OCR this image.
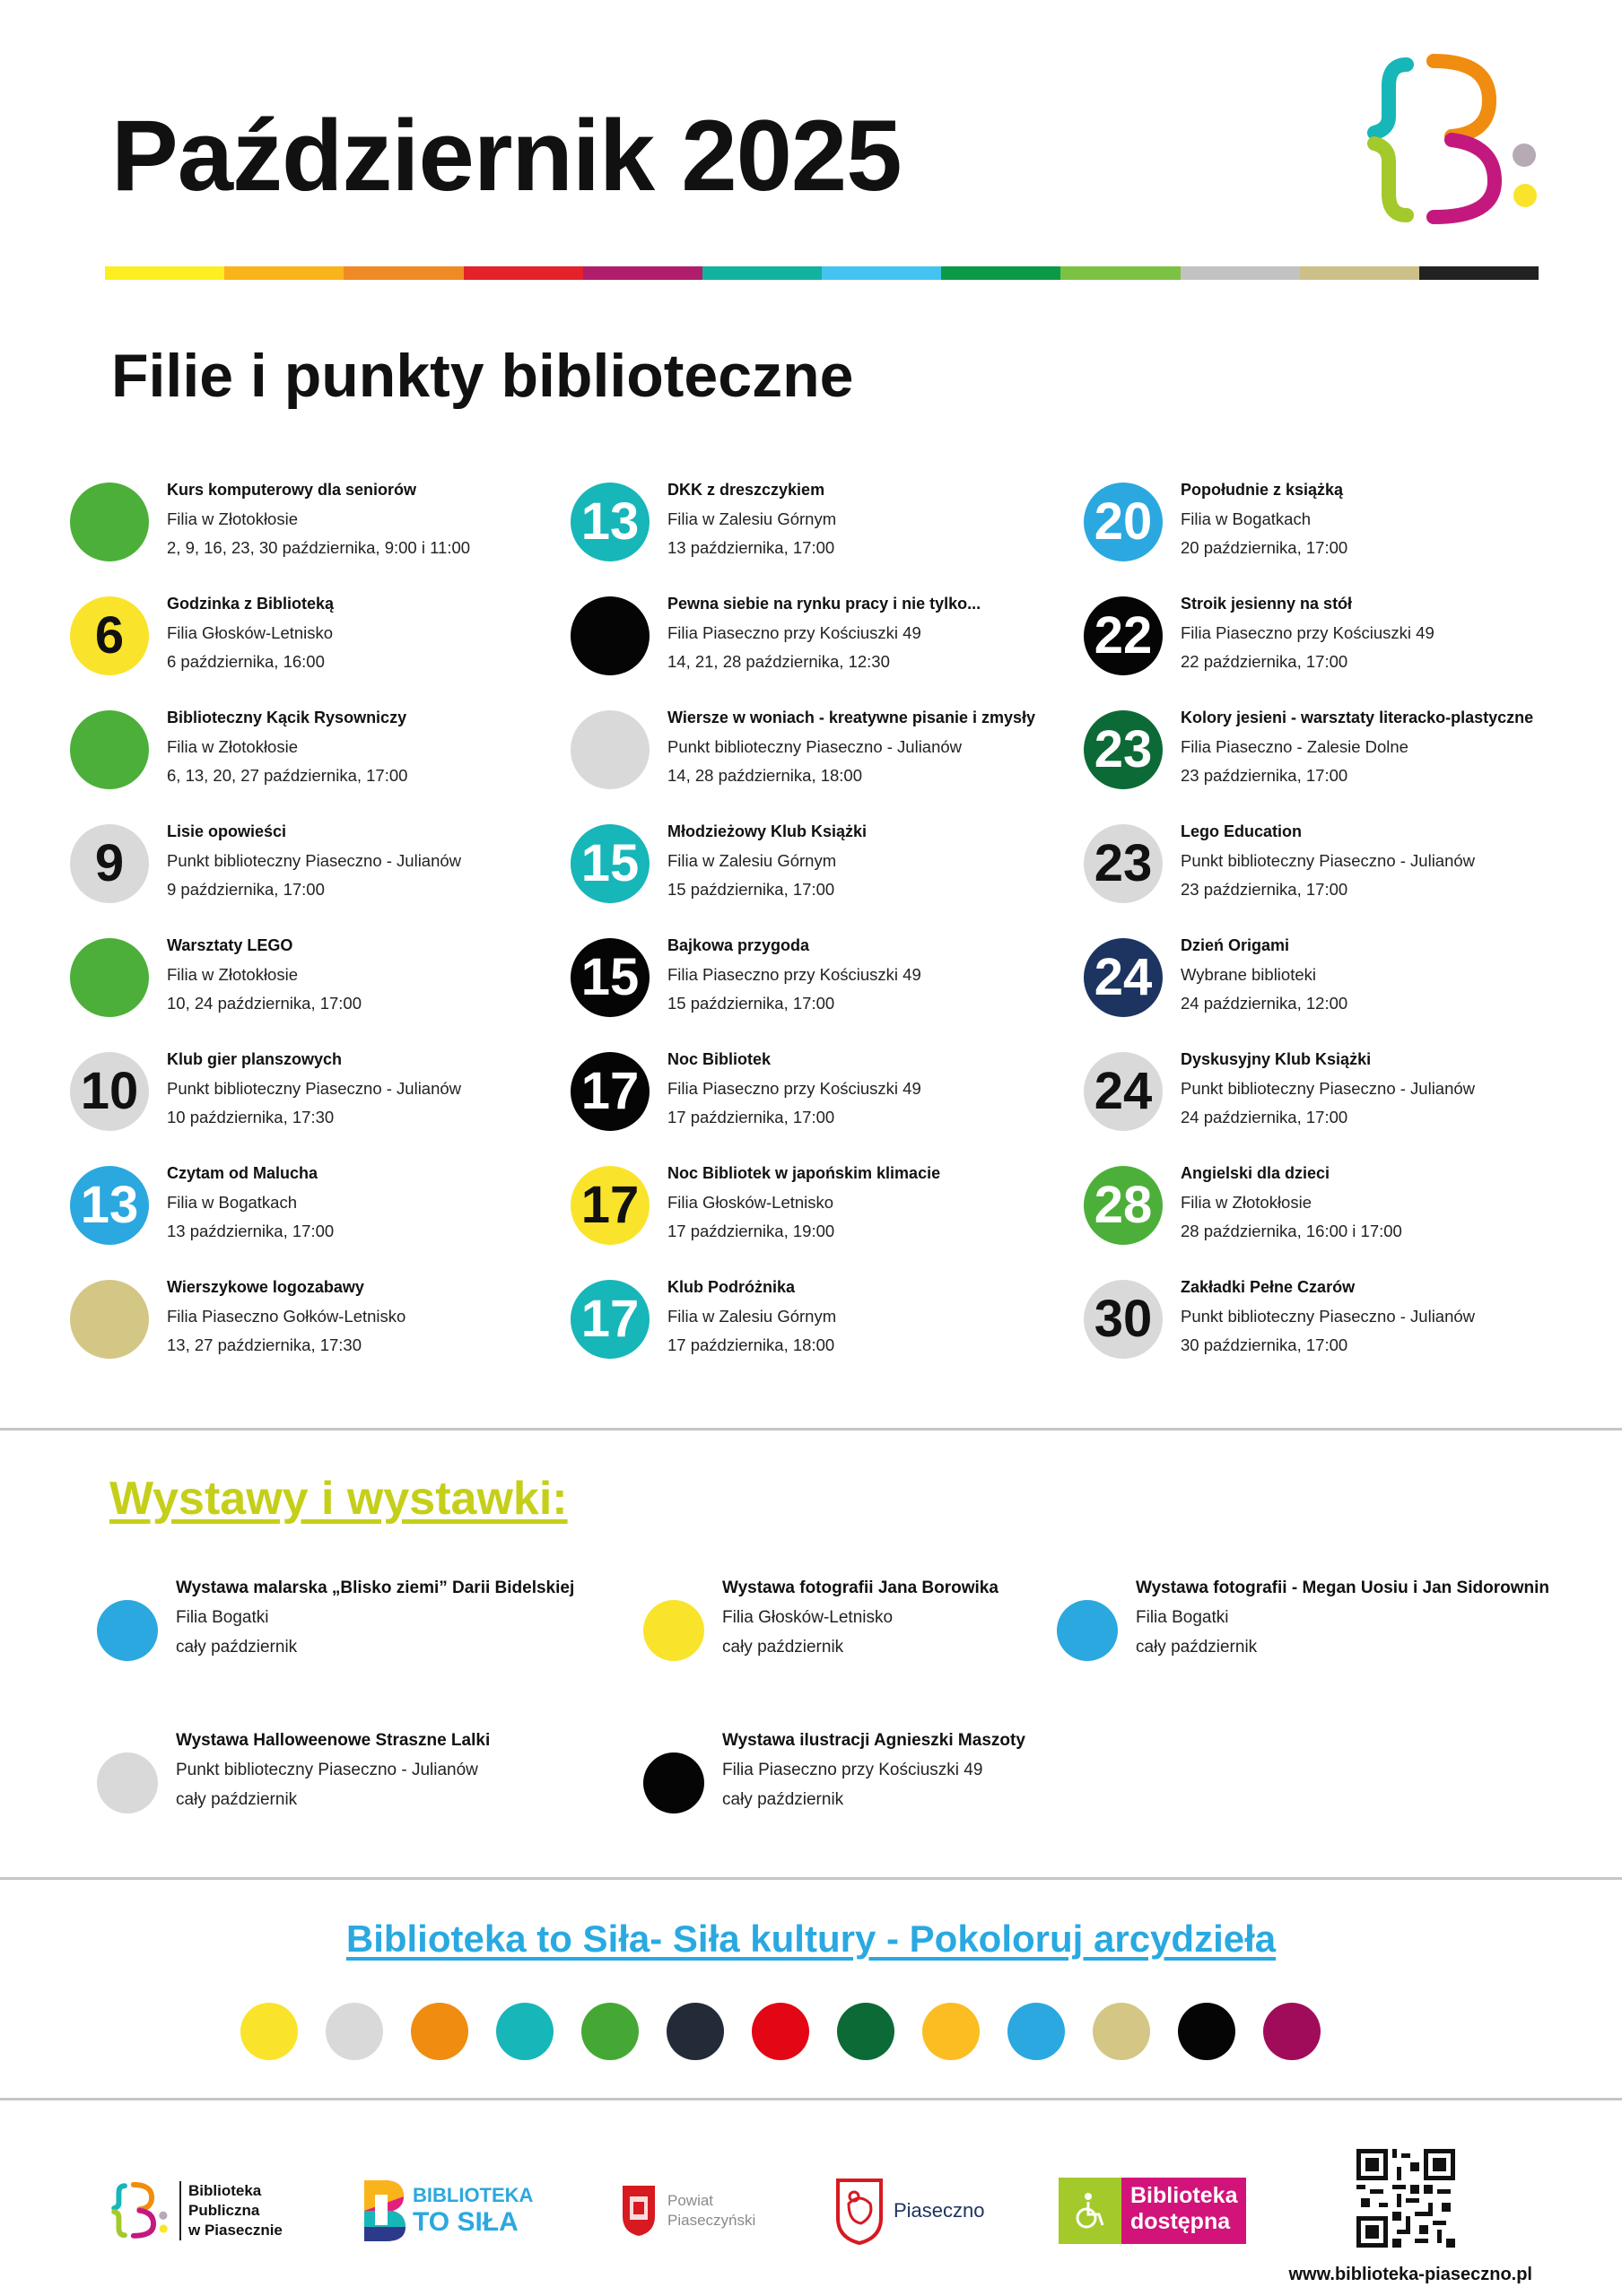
Październik 2025
Filie i punkty biblioteczne
Kurs komputerowy dla seniorów
Filia w Złotokłosie
2, 9, 16, 23, 30 października, 9:00 i 11:00
6
Godzinka z Biblioteką
Filia Głosków-Letnisko
6 października, 16:00
Biblioteczny Kącik Rysowniczy
Filia w Złotokłosie
6, 13, 20, 27 października, 17:00
9
Lisie opowieści
Punkt biblioteczny Piaseczno - Julianów
9 października, 17:00
Warsztaty LEGO
Filia w Złotokłosie
10, 24 października, 17:00
10
Klub gier planszowych
Punkt biblioteczny Piaseczno - Julianów
10 października, 17:30
13
Czytam od Malucha
Filia w Bogatkach
13 października, 17:00
Wierszykowe logozabawy
Filia Piaseczno Gołków-Letnisko
13, 27 października, 17:30
13
DKK z dreszczykiem
Filia w Zalesiu Górnym
13 października, 17:00
Pewna siebie na rynku pracy i nie tylko...
Filia Piaseczno przy Kościuszki 49
14, 21, 28 października, 12:30
Wiersze w woniach - kreatywne pisanie i zmysły
Punkt biblioteczny Piaseczno - Julianów
14, 28 października, 18:00
15
Młodzieżowy Klub Książki
Filia w Zalesiu Górnym
15 października, 17:00
15
Bajkowa przygoda
Filia Piaseczno przy Kościuszki 49
15 października, 17:00
17
Noc Bibliotek
Filia Piaseczno przy Kościuszki 49
17 października, 17:00
17
Noc Bibliotek w japońskim klimacie
Filia Głosków-Letnisko
17 października, 19:00
17
Klub Podróżnika
Filia w Zalesiu Górnym
17 października, 18:00
20
Popołudnie z książką
Filia w Bogatkach
20 października, 17:00
22
Stroik jesienny na stół
Filia Piaseczno przy Kościuszki 49
22 października, 17:00
23
Kolory jesieni - warsztaty literacko-plastyczne
Filia Piaseczno - Zalesie Dolne
23 października, 17:00
23
Lego Education
Punkt biblioteczny Piaseczno - Julianów
23 października, 17:00
24
Dzień Origami
Wybrane biblioteki
24 października, 12:00
24
Dyskusyjny Klub Książki
Punkt biblioteczny Piaseczno - Julianów
24 października, 17:00
28
Angielski dla dzieci
Filia w Złotokłosie
28 października, 16:00 i 17:00
30
Zakładki Pełne Czarów
Punkt biblioteczny Piaseczno - Julianów
30 października, 17:00
Wystawy i wystawki:
Wystawa malarska „Blisko ziemi” Darii Bidelskiej
Filia Bogatki
cały październik
Wystawa fotografii Jana Borowika
Filia Głosków-Letnisko
cały październik
Wystawa fotografii - Megan Uosiu i Jan Sidorownin
Filia Bogatki
cały październik
Wystawa Halloweenowe Straszne Lalki
Punkt biblioteczny Piaseczno - Julianów
cały październik
Wystawa ilustracji Agnieszki Maszoty
Filia Piaseczno przy Kościuszki 49
cały październik
Biblioteka to Siła- Siła kultury - Pokoloruj arcydzieła
Biblioteka
Publiczna
w Piasecznie
BIBLIOTEKA
TO SIŁA
Powiat
Piaseczyński	Piaseczno
Biblioteka
dostępna
www.biblioteka-piaseczno.pl
